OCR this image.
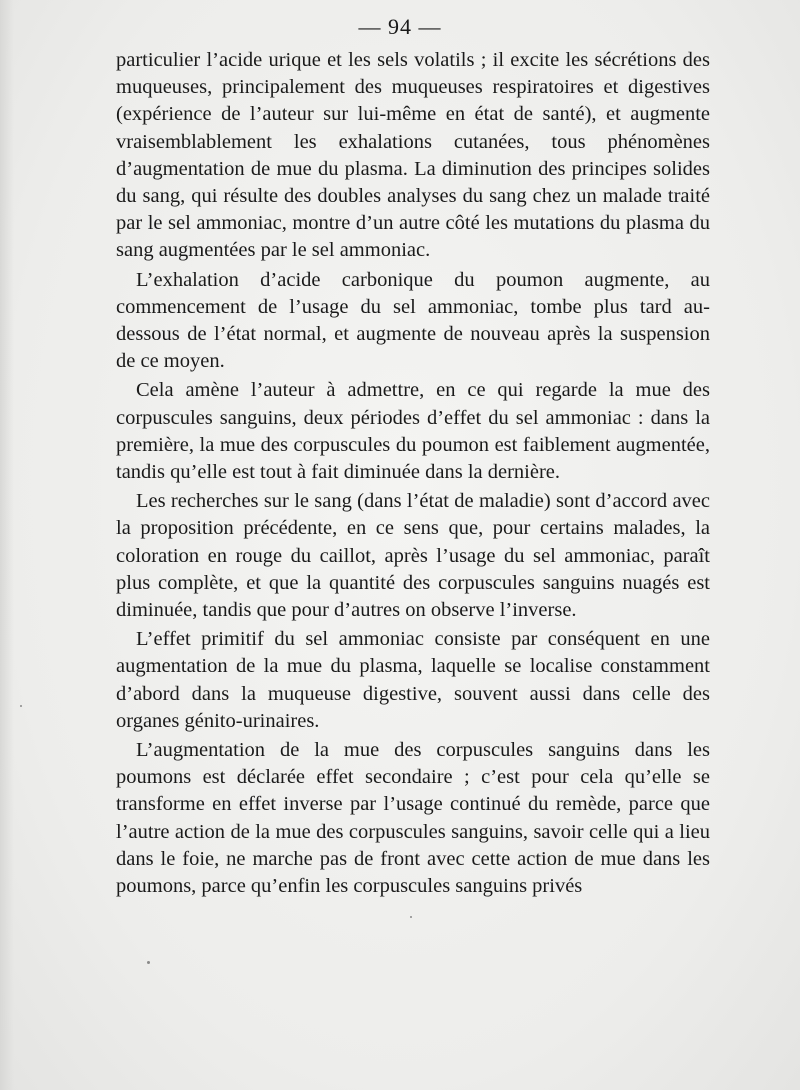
— 94 —

particulier l’acide urique et les sels volatils ; il excite les sécrétions des muqueuses, principalement des muqueuses respiratoires et digestives (expérience de l’auteur sur lui-même en état de santé), et augmente vraisemblablement les exhalations cutanées, tous phénomènes d’augmentation de mue du plasma. La diminution des principes solides du sang, qui résulte des doubles analyses du sang chez un malade traité par le sel ammoniac, montre d’un autre côté les mutations du plasma du sang augmentées par le sel ammoniac.

L’exhalation d’acide carbonique du poumon augmente, au commencement de l’usage du sel ammoniac, tombe plus tard au-dessous de l’état normal, et augmente de nouveau après la suspension de ce moyen.

Cela amène l’auteur à admettre, en ce qui regarde la mue des corpuscules sanguins, deux périodes d’effet du sel ammoniac : dans la première, la mue des corpuscules du poumon est faiblement augmentée, tandis qu’elle est tout à fait diminuée dans la dernière.

Les recherches sur le sang (dans l’état de maladie) sont d’accord avec la proposition précédente, en ce sens que, pour certains malades, la coloration en rouge du caillot, après l’usage du sel ammoniac, paraît plus complète, et que la quantité des corpuscules sanguins nuagés est diminuée, tandis que pour d’autres on observe l’inverse.

L’effet primitif du sel ammoniac consiste par conséquent en une augmentation de la mue du plasma, laquelle se localise constamment d’abord dans la muqueuse digestive, souvent aussi dans celle des organes génito-urinaires.

L’augmentation de la mue des corpuscules sanguins dans les poumons est déclarée effet secondaire ; c’est pour cela qu’elle se transforme en effet inverse par l’usage continué du remède, parce que l’autre action de la mue des corpuscules sanguins, savoir celle qui a lieu dans le foie, ne marche pas de front avec cette action de mue dans les poumons, parce qu’enfin les corpuscules sanguins privés
